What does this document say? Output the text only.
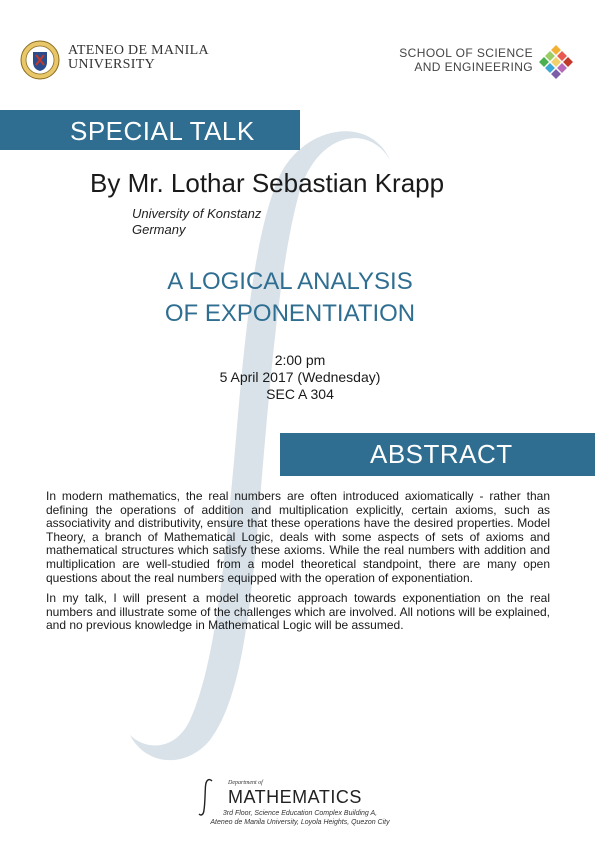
ATENEO DE MANILA
UNIVERSITY
SCHOOL OF SCIENCE
AND ENGINEERING
SPECIAL TALK
By Mr. Lothar Sebastian Krapp
University of Konstanz
Germany
A LOGICAL ANALYSIS
OF EXPONENTIATION
2:00 pm
5 April 2017 (Wednesday)
SEC A 304
ABSTRACT

In modern mathematics, the real numbers are often introduced axiomatically - rather than defining the operations of addition and multiplication explicitly, certain axioms, such as associativity and distributivity, ensure that these operations have the desired properties. Model Theory, a branch of Mathematical Logic, deals with some aspects of sets of axioms and mathematical structures which satisfy these axioms. While the real numbers with addition and multiplication are well-studied from a model theoretical standpoint, there are many open questions about the real numbers equipped with the operation of exponentiation.

In my talk, I will present a model theoretic approach towards exponentiation on the real numbers and illustrate some of the challenges which are involved. All notions will be explained, and no previous knowledge in Mathematical Logic will be assumed.

Department of
MATHEMATICS
3rd Floor, Science Education Complex Building A,
Ateneo de Manila University, Loyola Heights, Quezon City
